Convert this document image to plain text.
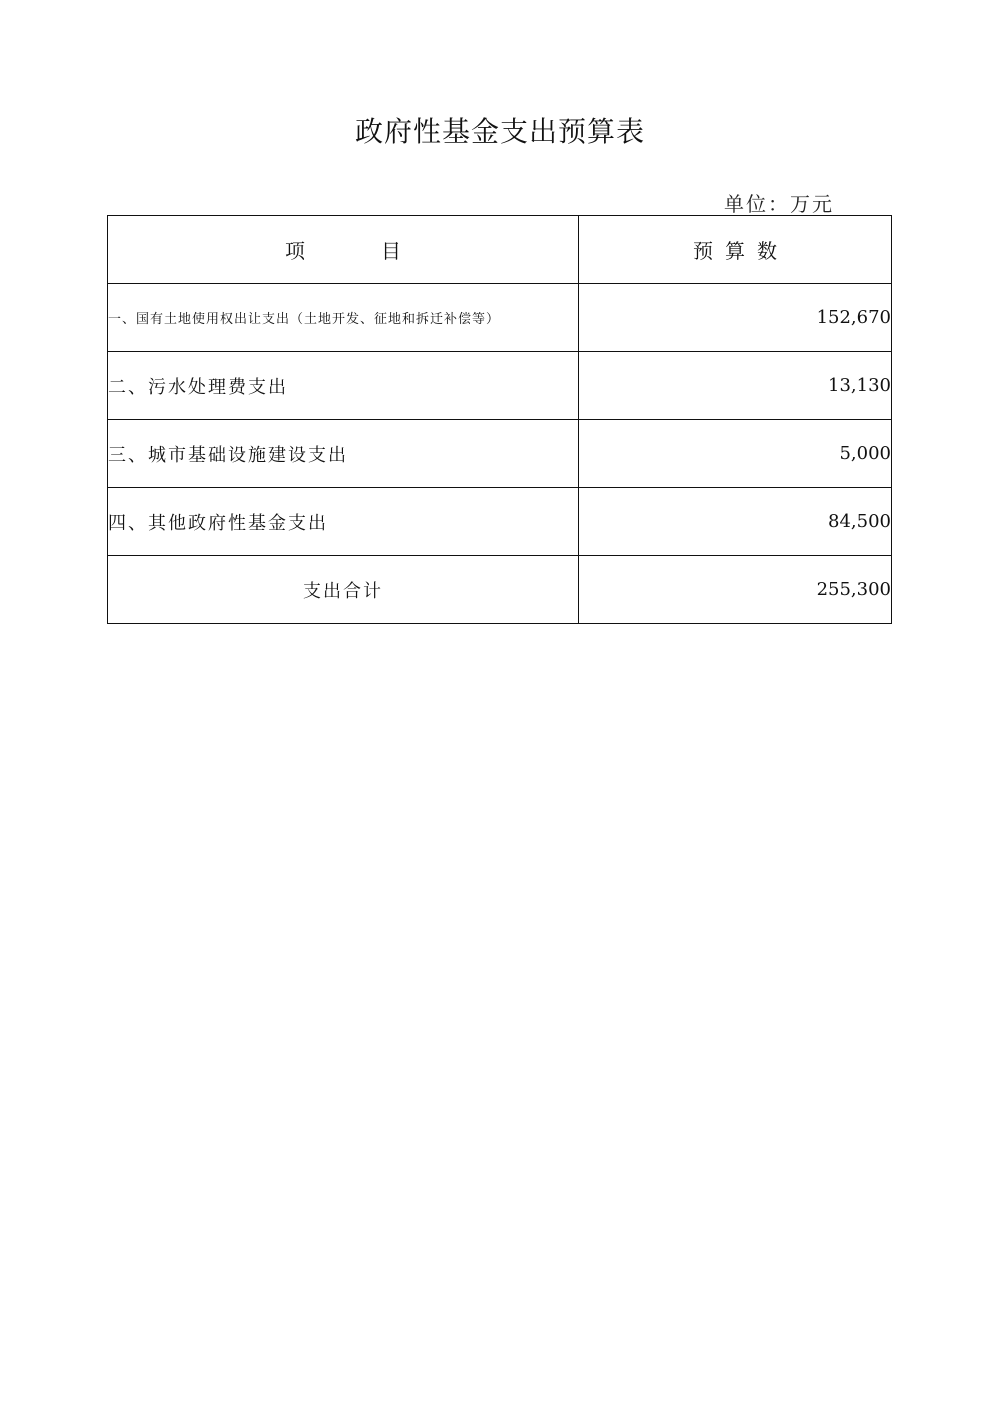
政府性基金支出预算表
单位：万元
项 目	预 算 数
一、国有土地使用权出让支出（土地开发、征地和拆迁补偿等）	152,670
二、污水处理费支出	13,130
三、城市基础设施建设支出	5,000
四、其他政府性基金支出	84,500
支出合计	255,300
